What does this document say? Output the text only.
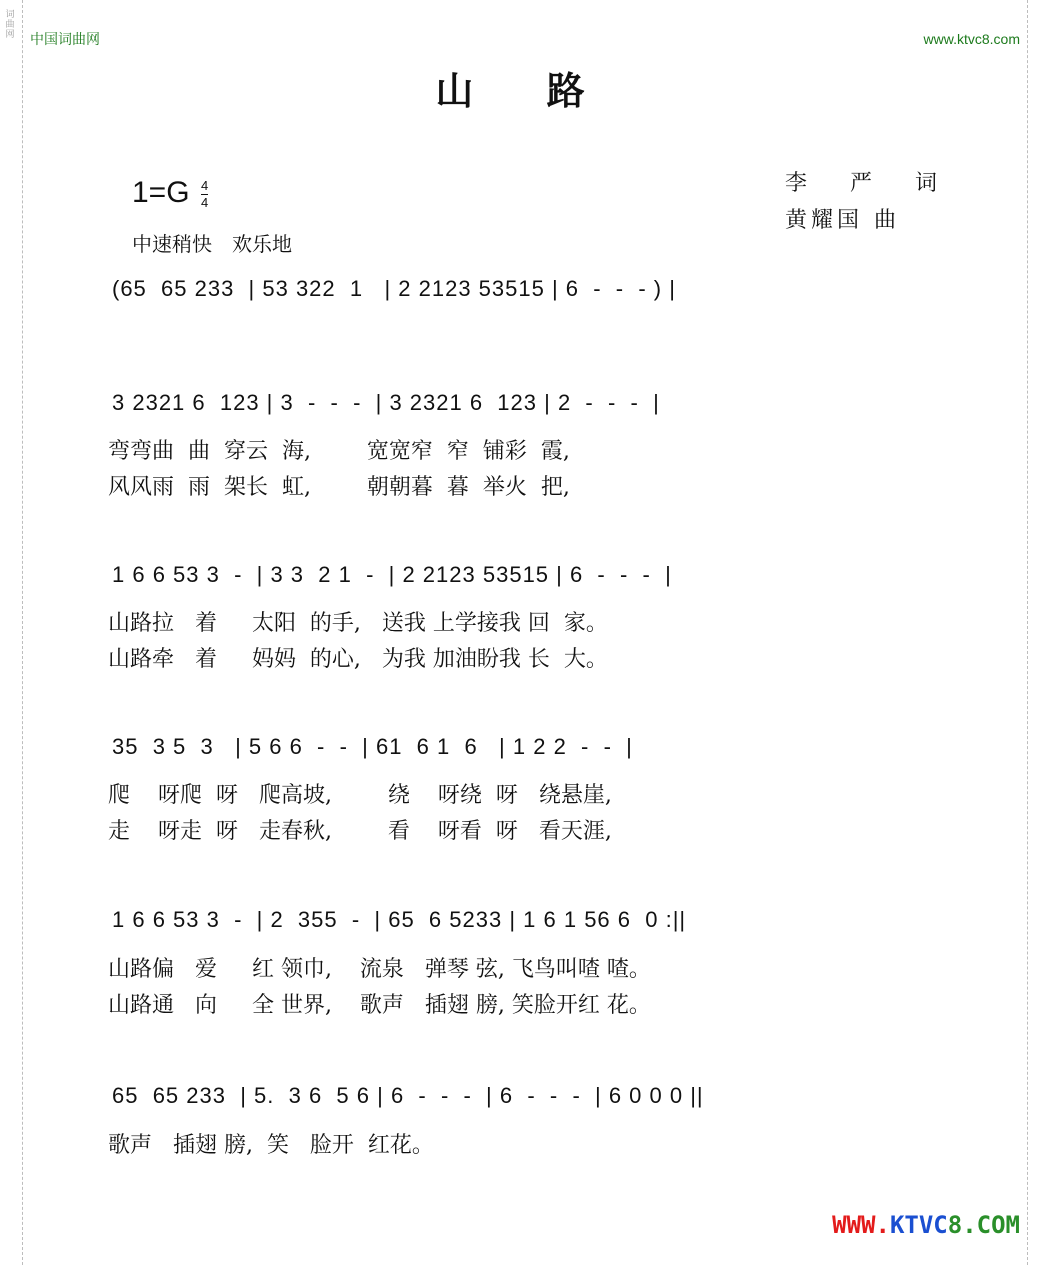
词曲网 中国词曲网	www.ktvc8.com
山 路
1=G 4
4
中速稍快　欢乐地
李 严 词
黄耀国 曲
(65  65 233  | 53 322  1   | 2 2123 53515 | 6  -  -  - ) |
3 2321 6  123 | 3  -  -  -  | 3 2321 6  123 | 2  -  -  -  |
弯弯曲  曲  穿云  海,        宽宽窄  窄  铺彩  霞,
风风雨  雨  架长  虹,        朝朝暮  暮  举火  把,
1 6 6 53 3  -  | 3 3  2 1  -  | 2 2123 53515 | 6  -  -  -  |
山路拉   着     太阳  的手,   送我 上学接我 回  家。
山路牵   着     妈妈  的心,   为我 加油盼我 长  大。
35  3 5  3   | 5 6 6  -  -  | 61  6 1  6   | 1 2 2  -  -  |
爬    呀爬  呀   爬高坡,        绕    呀绕  呀   绕悬崖,
走    呀走  呀   走春秋,        看    呀看  呀   看天涯,
1 6 6 53 3  -  | 2  355  -  | 65  6 5233 | 1 6 1 56 6  0 :||
山路偏   爱     红 领巾,    流泉   弹琴 弦, 飞鸟叫喳 喳。
山路通   向     全 世界,    歌声   插翅 膀, 笑脸开红 花。
65  65 233  | 5.  3 6  5 6 | 6  -  -  -  | 6  -  -  -  | 6 0 0 0 ||
歌声   插翅 膀,  笑   脸开  红花。
WWW.KTVC8.COM
